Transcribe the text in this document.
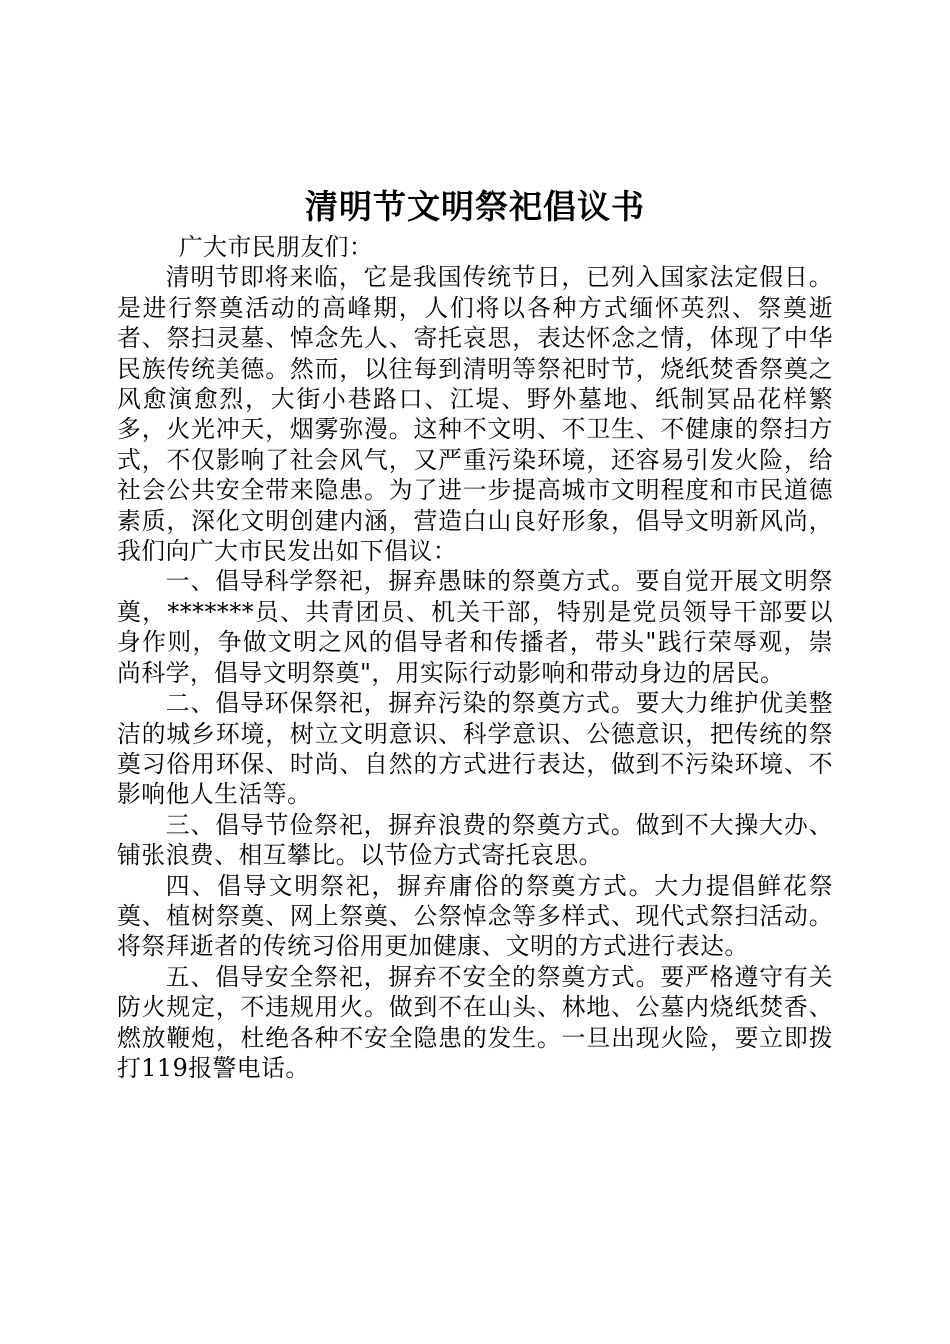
清明节文明祭祀倡议书

广大市民朋友们：

清明节即将来临，它是我国传统节日，已列入国家法定假日。是进行祭奠活动的高峰期，人们将以各种方式缅怀英烈、祭奠逝者、祭扫灵墓、悼念先人、寄托哀思，表达怀念之情，体现了中华民族传统美德。然而，以往每到清明等祭祀时节，烧纸焚香祭奠之风愈演愈烈，大街小巷路口、江堤、野外墓地、纸制冥品花样繁多，火光冲天，烟雾弥漫。这种不文明、不卫生、不健康的祭扫方式，不仅影响了社会风气，又严重污染环境，还容易引发火险，给社会公共安全带来隐患。为了进一步提高城市文明程度和市民道德素质，深化文明创建内涵，营造白山良好形象，倡导文明新风尚，我们向广大市民发出如下倡议：

一、倡导科学祭祀，摒弃愚昧的祭奠方式。要自觉开展文明祭奠，*******员、共青团员、机关干部，特别是党员领导干部要以身作则，争做文明之风的倡导者和传播者，带头"践行荣辱观，崇尚科学，倡导文明祭奠"，用实际行动影响和带动身边的居民。

二、倡导环保祭祀，摒弃污染的祭奠方式。要大力维护优美整洁的城乡环境，树立文明意识、科学意识、公德意识，把传统的祭奠习俗用环保、时尚、自然的方式进行表达，做到不污染环境、不影响他人生活等。

三、倡导节俭祭祀，摒弃浪费的祭奠方式。做到不大操大办、铺张浪费、相互攀比。以节俭方式寄托哀思。

四、倡导文明祭祀，摒弃庸俗的祭奠方式。大力提倡鲜花祭奠、植树祭奠、网上祭奠、公祭悼念等多样式、现代式祭扫活动。将祭拜逝者的传统习俗用更加健康、文明的方式进行表达。

五、倡导安全祭祀，摒弃不安全的祭奠方式。要严格遵守有关防火规定，不违规用火。做到不在山头、林地、公墓内烧纸焚香、燃放鞭炮，杜绝各种不安全隐患的发生。一旦出现火险，要立即拨打119报警电话。
